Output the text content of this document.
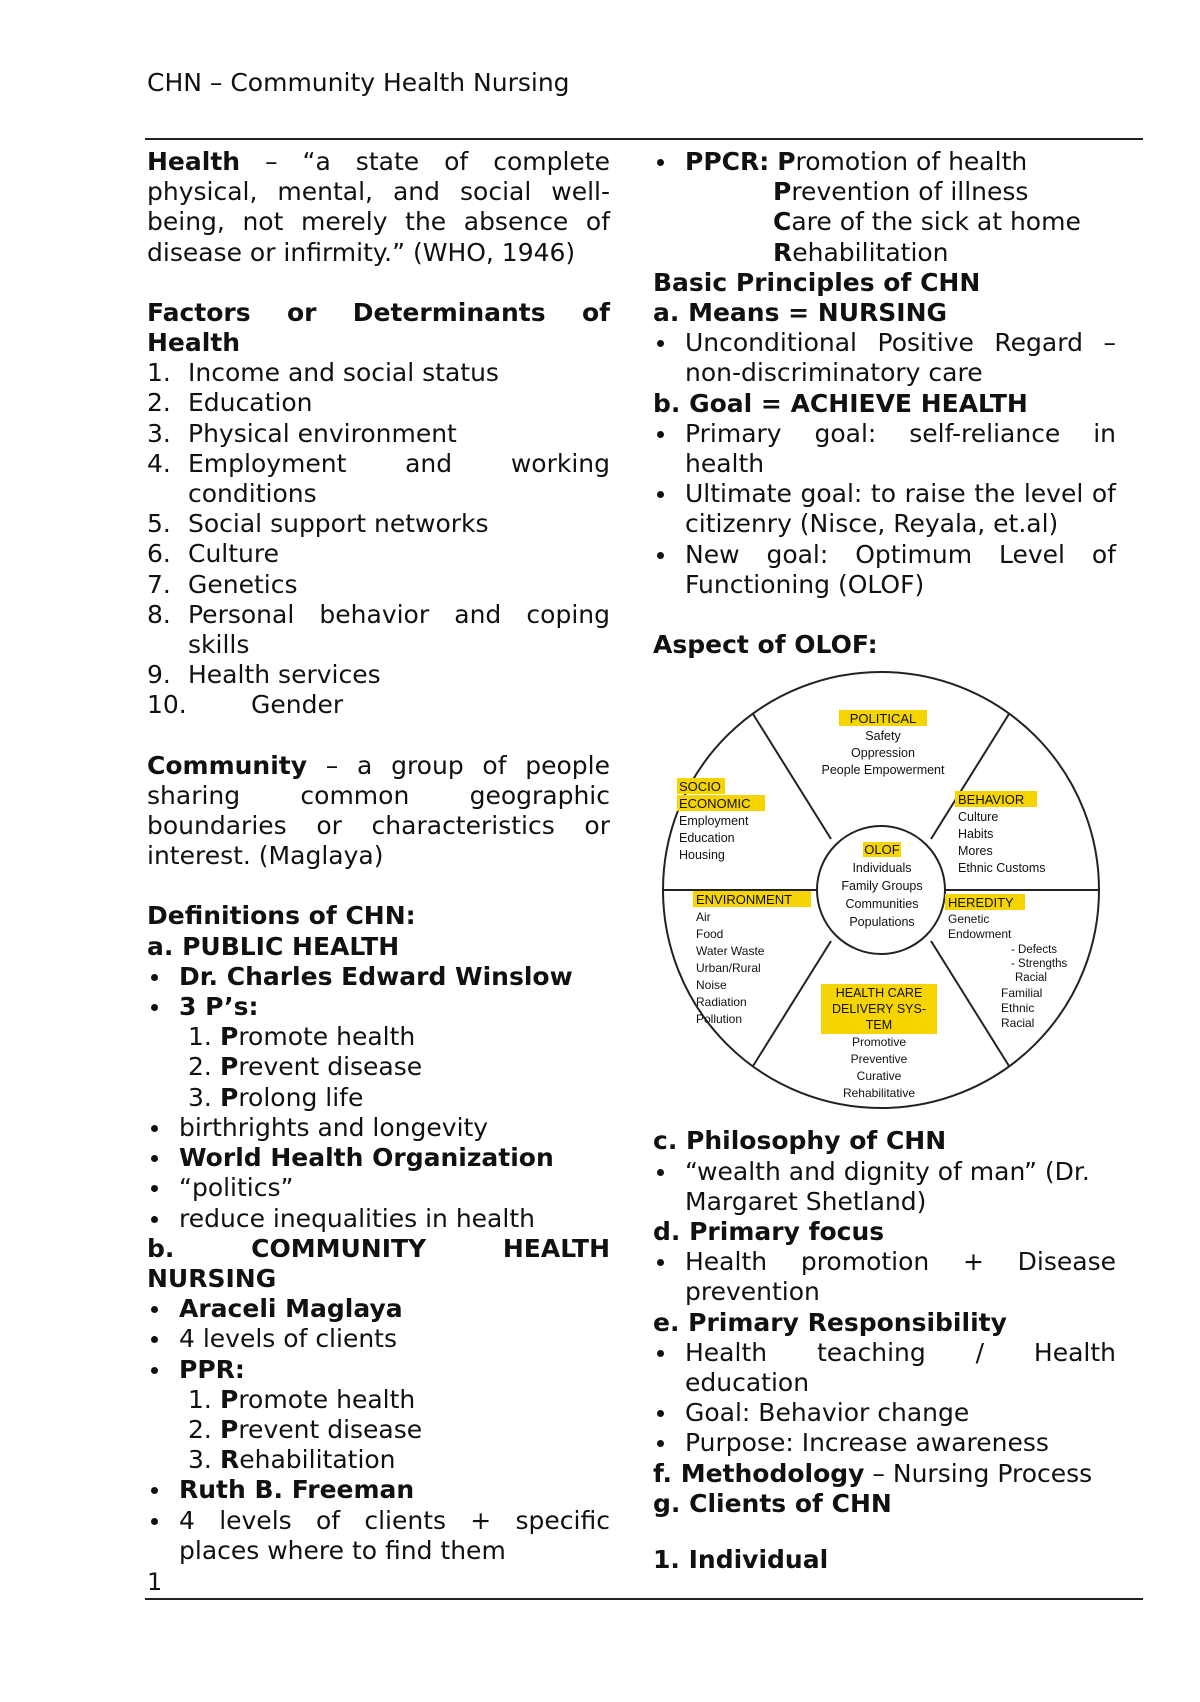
CHN – Community Health Nursing
Health – “a state of complete physical, mental, and social well-being, not merely the absence of disease or infirmity.” (WHO, 1946)
Factors or Determinants of Health
1. Income and social status
2. Education
3. Physical environment
4. Employment and working conditions
5. Social support networks
6. Culture
7. Genetics
8. Personal behavior and coping skills
9. Health services
10.	Gender
Community – a group of people sharing common geographic boundaries or characteristics or interest. (Maglaya)
Definitions of CHN:
a. PUBLIC HEALTH
Dr. Charles Edward Winslow
3 P’s:
1. Promote health
2. Prevent disease
3. Prolong life
birthrights and longevity
World Health Organization
“politics”
reduce inequalities in health
b. COMMUNITY HEALTH NURSING
Araceli Maglaya
4 levels of clients
PPR:
1. Promote health
2. Prevent disease
3. Rehabilitation
Ruth B. Freeman
4 levels of clients + specific places where to find them
PPCR: Promotion of health
Prevention of illness
Care of the sick at home
Rehabilitation
Basic Principles of CHN
a. Means = NURSING
Unconditional Positive Regard – non-discriminatory care
b. Goal = ACHIEVE HEALTH
Primary goal: self-reliance in health
Ultimate goal: to raise the level of citizenry (Nisce, Reyala, et.al)
New goal: Optimum Level of Functioning (OLOF)
Aspect of OLOF:
OLOF
Individuals
Family Groups
Communities
Populations
POLITICAL
Safety
Oppression
People Empowerment
BEHAVIOR
Culture
Habits
Mores
Ethnic Customs
HEREDITY
Genetic
Endowment
- Defects
- Strengths
Racial
Familial
Ethnic
Racial
HEALTH CARE
DELIVERY SYS-
TEM
Promotive
Preventive
Curative
Rehabilitative
ENVIRONMENT
Air
Food
Water Waste
Urban/Rural
Noise
Radiation
Pollution
SOCIO
ECONOMIC
Employment
Education
Housing
c. Philosophy of CHN
“wealth and dignity of man” (Dr. Margaret Shetland)
d. Primary focus
Health promotion + Disease prevention
e. Primary Responsibility
Health teaching / Health education
Goal: Behavior change
Purpose: Increase awareness
f. Methodology – Nursing Process
g. Clients of CHN
1. Individual
1
